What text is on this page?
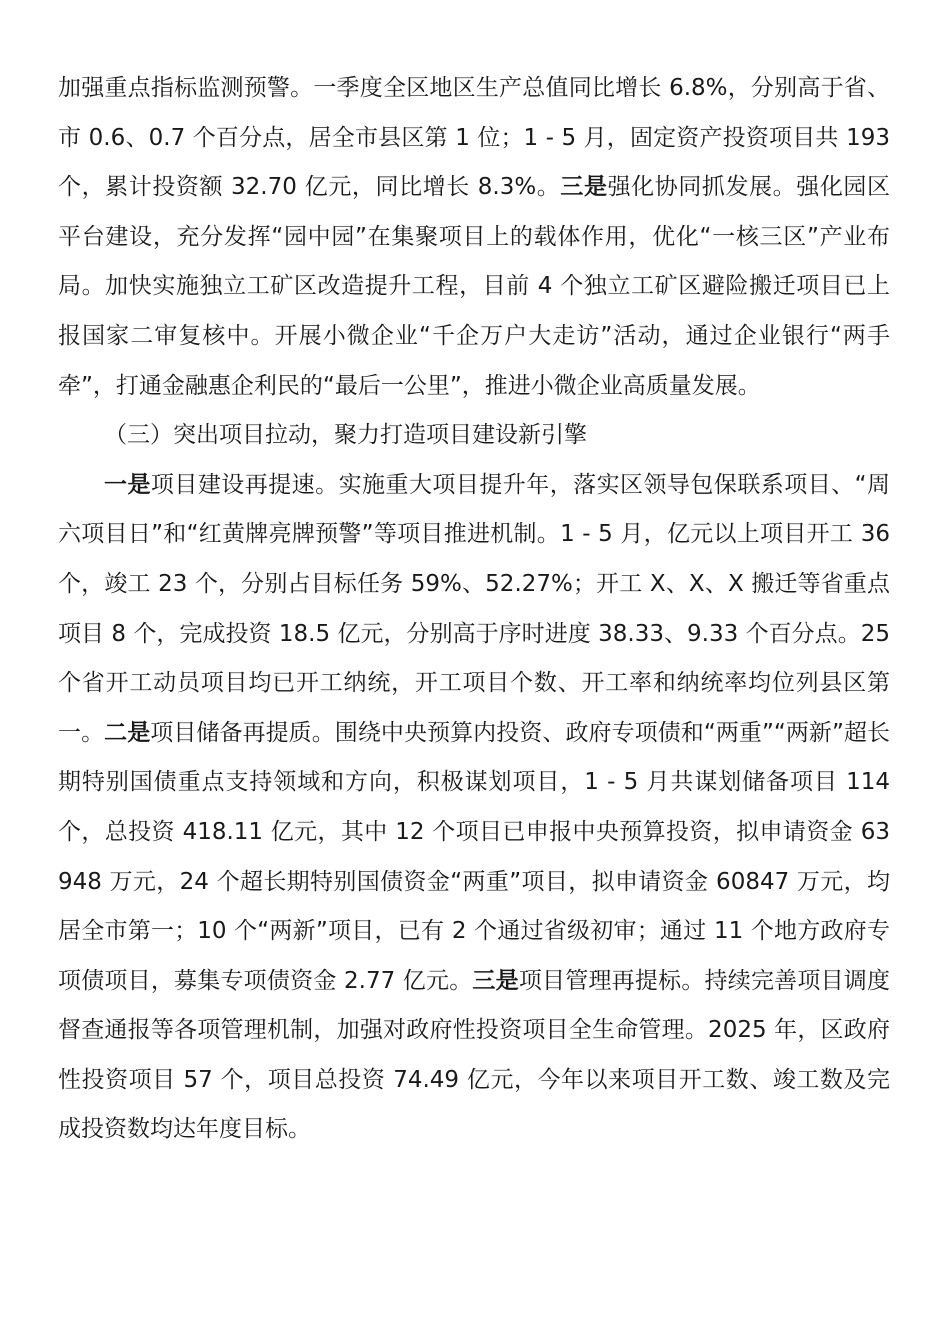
加强重点指标监测预警。一季度全区地区生产总值同比增长 6.8%，分别高于省、市 0.6、0.7 个百分点，居全市县区第 1 位；1 - 5 月，固定资产投资项目共 193 个，累计投资额 32.70 亿元，同比增长 8.3%。三是强化协同抓发展。强化园区平台建设，充分发挥“园中园”在集聚项目上的载体作用，优化“一核三区”产业布局。加快实施独立工矿区改造提升工程，目前 4 个独立工矿区避险搬迁项目已上报国家二审复核中。开展小微企业“千企万户大走访”活动，通过企业银行“两手牵”，打通金融惠企利民的“最后一公里”，推进小微企业高质量发展。

（三）突出项目拉动，聚力打造项目建设新引擎

一是项目建设再提速。实施重大项目提升年，落实区领导包保联系项目、“周六项目日”和“红黄牌亮牌预警”等项目推进机制。1 - 5 月，亿元以上项目开工 36 个，竣工 23 个，分别占目标任务 59%、52.27%；开工 X、X、X 搬迁等省重点项目 8 个，完成投资 18.5 亿元，分别高于序时进度 38.33、9.33 个百分点。25 个省开工动员项目均已开工纳统，开工项目个数、开工率和纳统率均位列县区第一。二是项目储备再提质。围绕中央预算内投资、政府专项债和“两重”“两新”超长期特别国债重点支持领域和方向，积极谋划项目，1 - 5 月共谋划储备项目 114 个，总投资 418.11 亿元，其中 12 个项目已申报中央预算投资，拟申请资金 63948 万元，24 个超长期特别国债资金“两重”项目，拟申请资金 60847 万元，均居全市第一；10 个“两新”项目，已有 2 个通过省级初审；通过 11 个地方政府专项债项目，募集专项债资金 2.77 亿元。三是项目管理再提标。持续完善项目调度督查通报等各项管理机制，加强对政府性投资项目全生命管理。2025 年，区政府性投资项目 57 个，项目总投资 74.49 亿元，今年以来项目开工数、竣工数及完成投资数均达年度目标。
